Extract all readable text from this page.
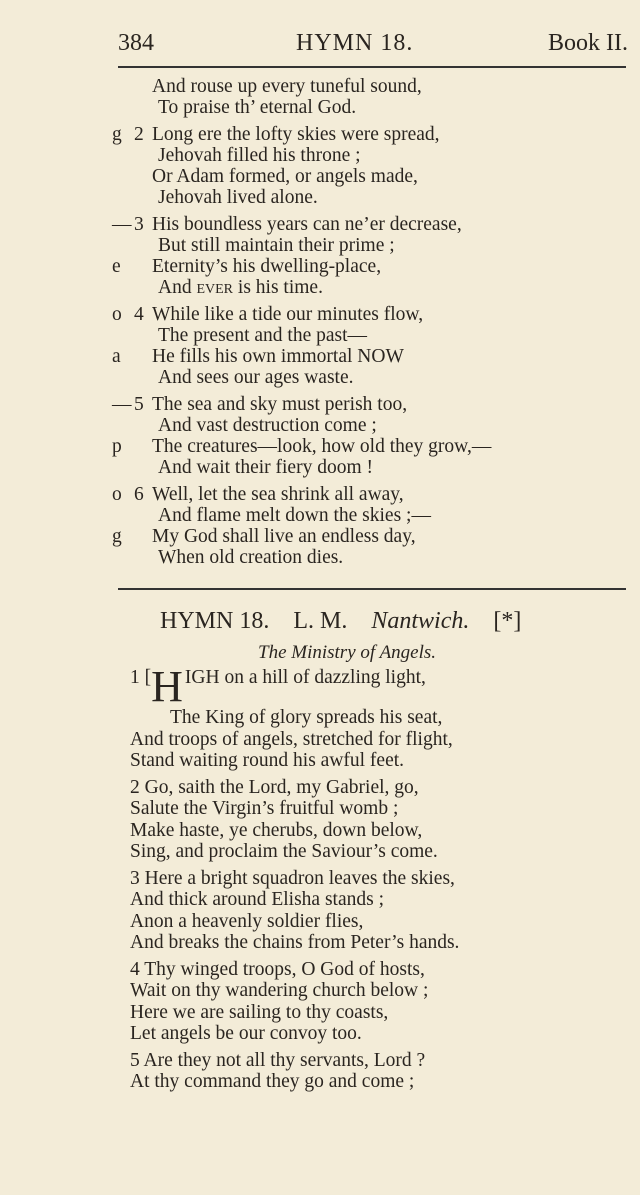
384	HYMN 18.	Book II.
And rouse up every tuneful sound,
To praise th’ eternal God.
g 2 Long ere the lofty skies were spread,
Jehovah filled his throne ;
Or Adam formed, or angels made,
Jehovah lived alone.
— 3 His boundless years can ne’er decrease,
But still maintain their prime ;
e Eternity’s his dwelling-place,
And ever is his time.
o 4 While like a tide our minutes flow,
The present and the past—
a He fills his own immortal NOW
And sees our ages waste.
— 5 The sea and sky must perish too,
And vast destruction come ;
p The creatures—look, how old they grow,—
And wait their fiery doom !
o 6 Well, let the sea shrink all away,
And flame melt down the skies ;—
g My God shall live an endless day,
When old creation dies.
HYMN 18. L. M. Nantwich. [*]
The Ministry of Angels.
1 [H IGH on a hill of dazzling light,
The King of glory spreads his seat,
And troops of angels, stretched for flight,
Stand waiting round his awful feet.
2 Go, saith the Lord, my Gabriel, go,
Salute the Virgin’s fruitful womb ;
Make haste, ye cherubs, down below,
Sing, and proclaim the Saviour’s come.
3 Here a bright squadron leaves the skies,
And thick around Elisha stands ;
Anon a heavenly soldier flies,
And breaks the chains from Peter’s hands.
4 Thy winged troops, O God of hosts,
Wait on thy wandering church below ;
Here we are sailing to thy coasts,
Let angels be our convoy too.
5 Are they not all thy servants, Lord ?
At thy command they go and come ;
